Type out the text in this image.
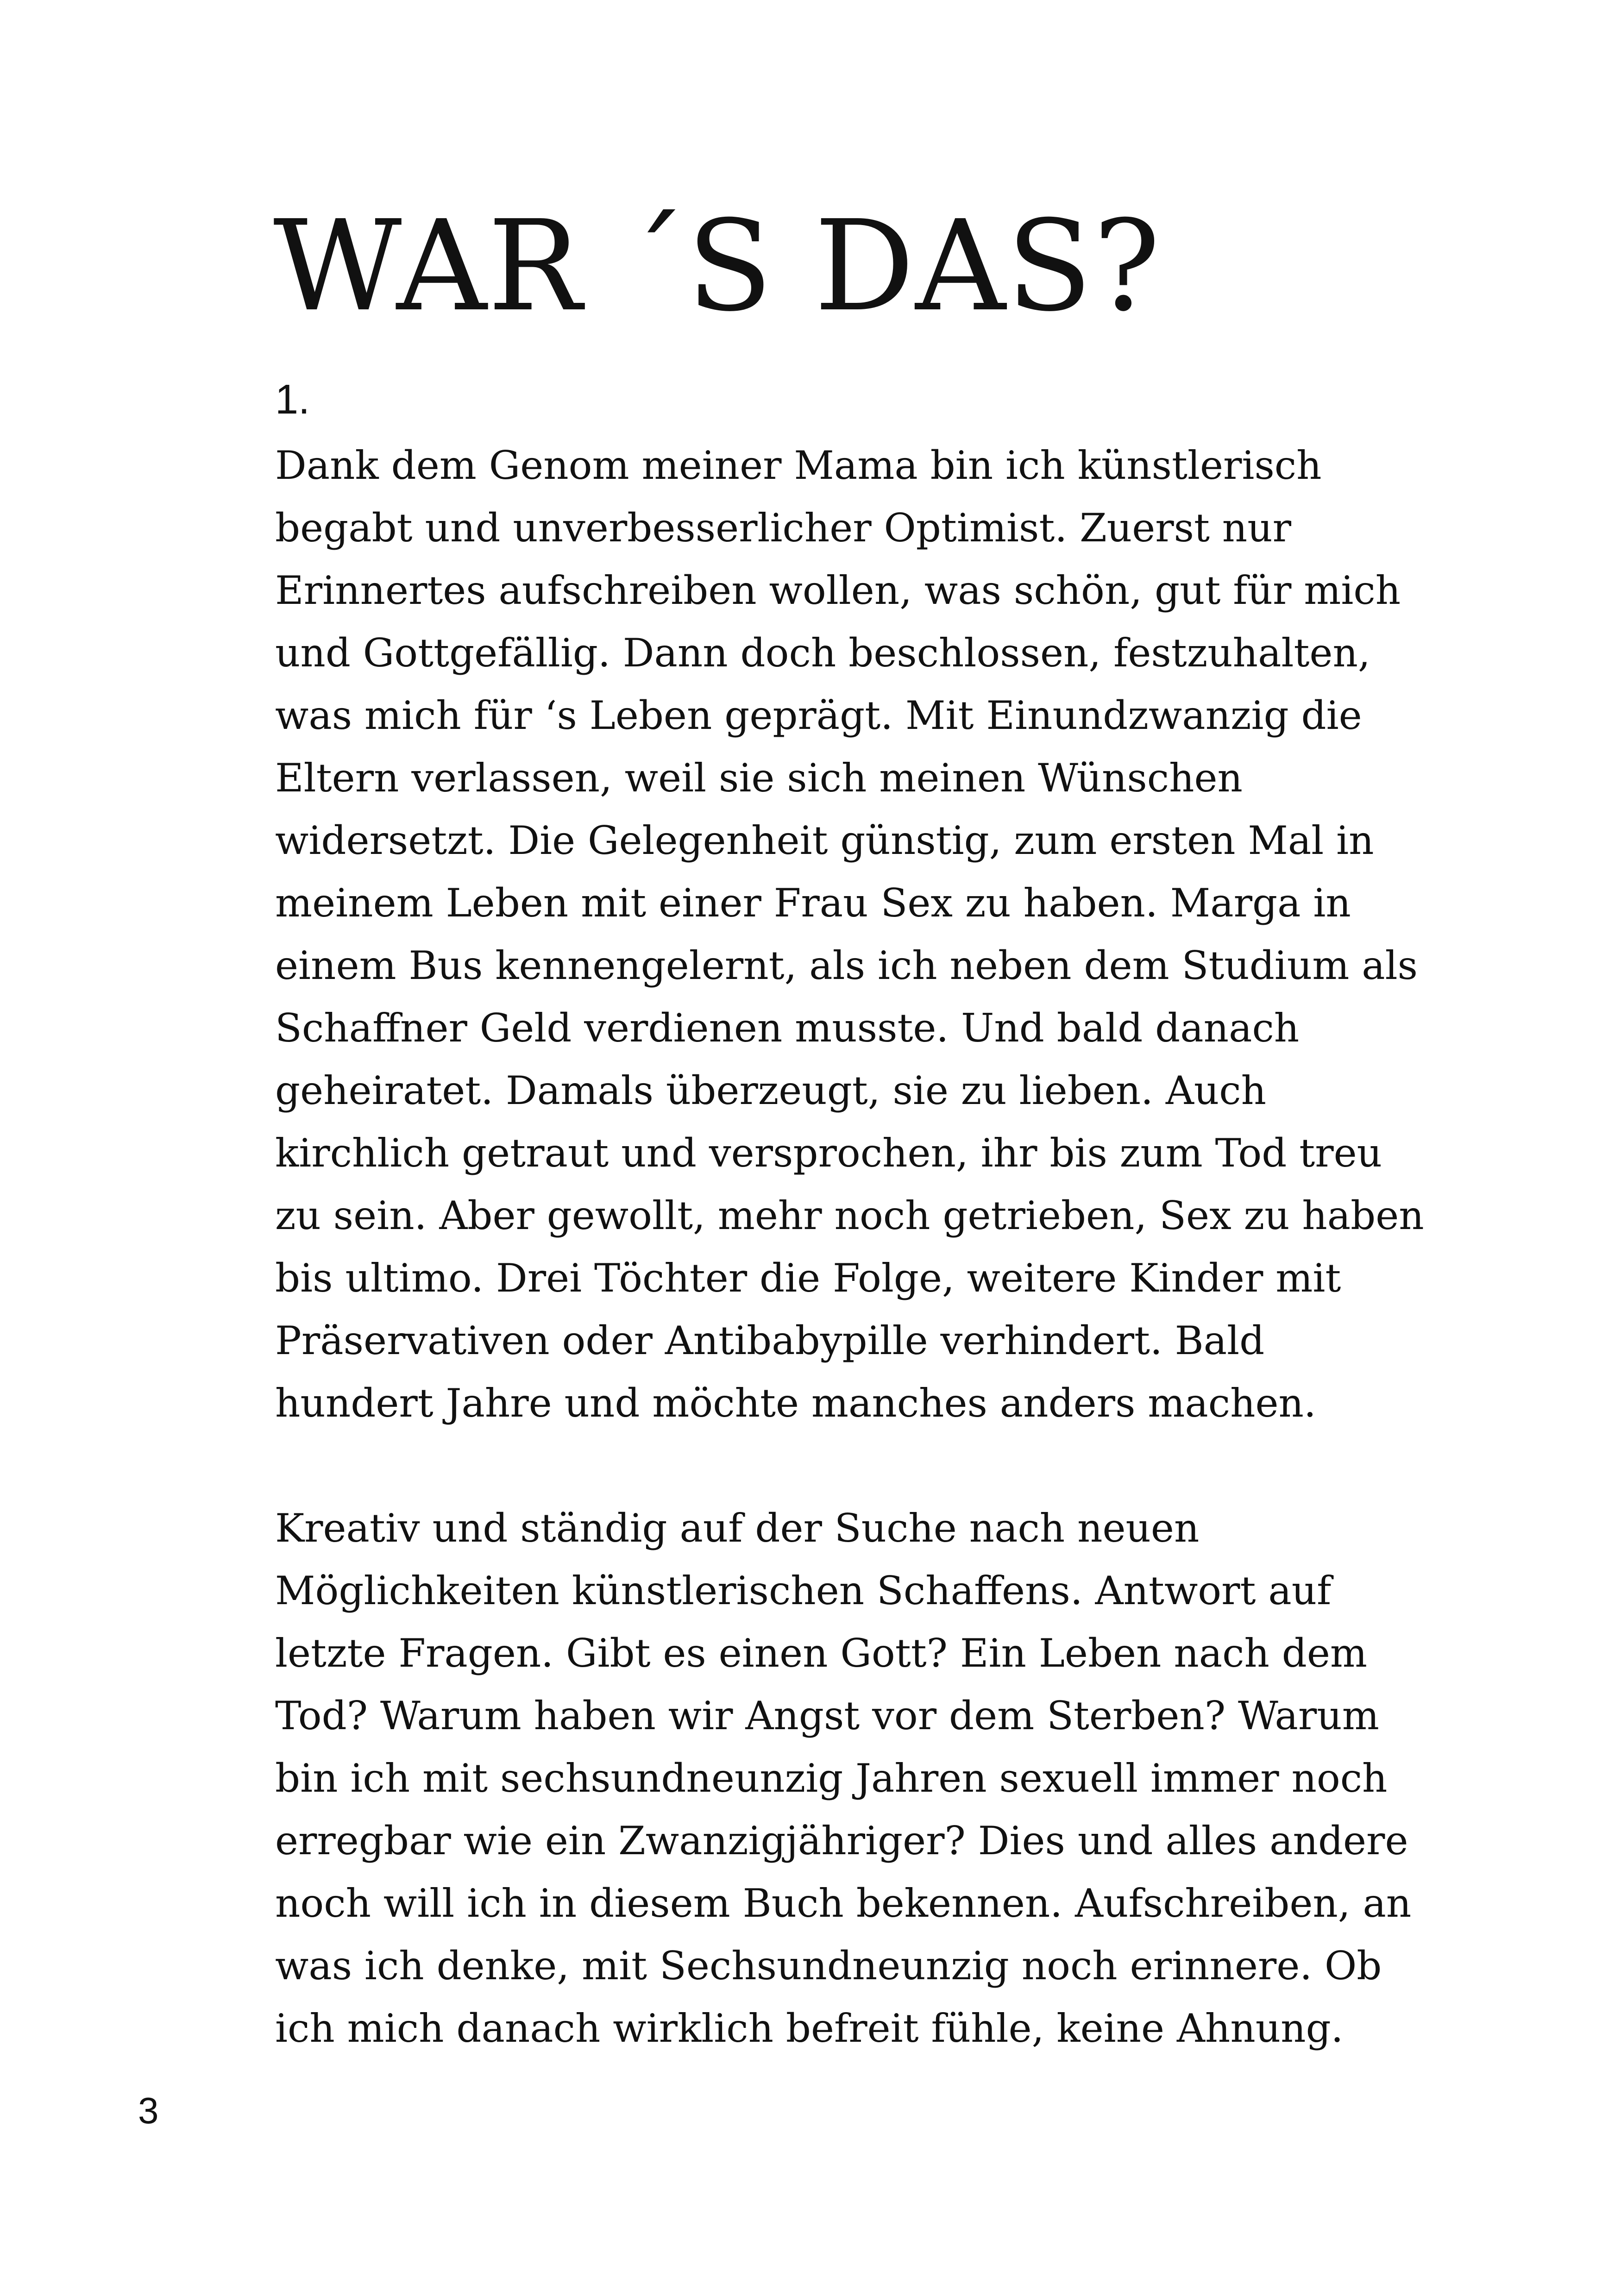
WAR ´S DAS?
1.

Dank dem Genom meiner Mama bin ich künstlerisch
begabt und unverbesserlicher Optimist. Zuerst nur
Erinnertes aufschreiben wollen, was schön, gut für mich
und Gottgefällig. Dann doch beschlossen, festzuhalten,
was mich für ‘s Leben geprägt. Mit Einundzwanzig die
Eltern verlassen, weil sie sich meinen Wünschen
widersetzt. Die Gelegenheit günstig, zum ersten Mal in
meinem Leben mit einer Frau Sex zu haben. Marga in
einem Bus kennengelernt, als ich neben dem Studium als
Schaffner Geld verdienen musste. Und bald danach
geheiratet. Damals überzeugt, sie zu lieben. Auch
kirchlich getraut und versprochen, ihr bis zum Tod treu
zu sein. Aber gewollt, mehr noch getrieben, Sex zu haben
bis ultimo. Drei Töchter die Folge, weitere Kinder mit
Präservativen oder Antibabypille verhindert. Bald
hundert Jahre und möchte manches anders machen.

Kreativ und ständig auf der Suche nach neuen
Möglichkeiten künstlerischen Schaffens. Antwort auf
letzte Fragen. Gibt es einen Gott? Ein Leben nach dem
Tod? Warum haben wir Angst vor dem Sterben? Warum
bin ich mit sechsundneunzig Jahren sexuell immer noch
erregbar wie ein Zwanzigjähriger? Dies und alles andere
noch will ich in diesem Buch bekennen. Aufschreiben, an
was ich denke, mit Sechsundneunzig noch erinnere. Ob
ich mich danach wirklich befreit fühle, keine Ahnung.

3
